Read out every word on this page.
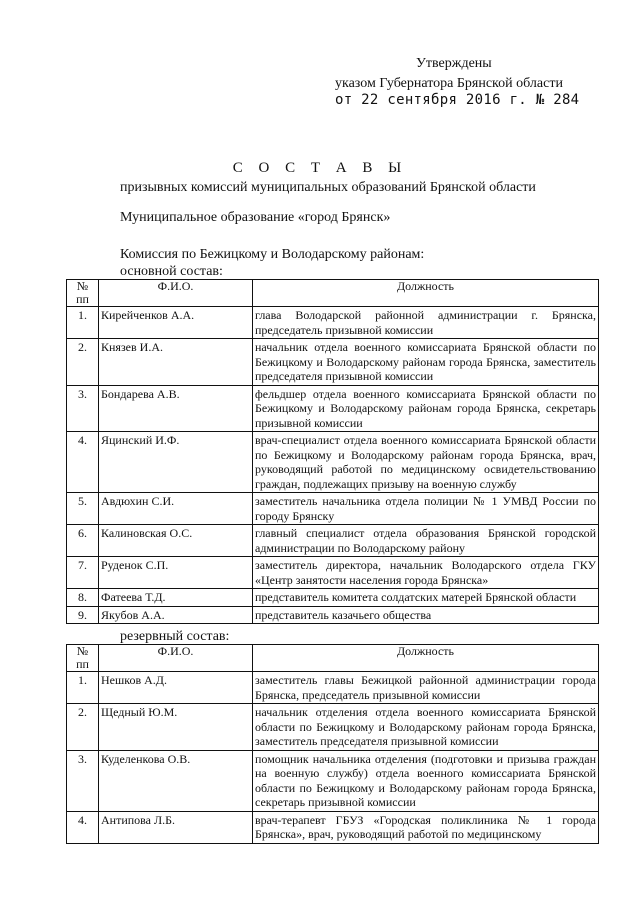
Утверждены
указом Губернатора Брянской области
от 22 сентября 2016 г. № 284
С О С Т А В Ы
призывных комиссий муниципальных образований Брянской области
Муниципальное образование «город Брянск»
Комиссия по Бежицкому и Володарскому районам:
основной состав:
№ пп	Ф.И.О.	Должность
1.	Кирейченков А.А.	глава Володарской районной администрации г. Брянска, председатель призывной комиссии
2.	Князев И.А.	начальник отдела военного комиссариата Брянской области по Бежицкому и Володарскому районам города Брянска, заместитель председателя призывной комиссии
3.	Бондарева А.В.	фельдшер отдела военного комиссариата Брянской области по Бежицкому и Володарскому районам города Брянска, секретарь призывной комиссии
4.	Яцинский И.Ф.	врач-специалист отдела военного комиссариата Брянской области по Бежицкому и Володарскому районам города Брянска, врач, руководящий работой по медицинскому освидетельствованию граждан, подлежащих призыву на военную службу
5.	Авдюхин С.И.	заместитель начальника отдела полиции № 1 УМВД России по городу Брянску
6.	Калиновская О.С.	главный специалист отдела образования Брянской городской администрации по Володарскому району
7.	Руденок С.П.	заместитель директора, начальник Володарского отдела ГКУ «Центр занятости населения города Брянска»
8.	Фатеева Т.Д.	представитель комитета солдатских матерей Брянской области
9.	Якубов А.А.	представитель казачьего общества
резервный состав:
№ пп	Ф.И.О.	Должность
1.	Нешков А.Д.	заместитель главы Бежицкой районной администрации города Брянска, председатель призывной комиссии
2.	Щедный Ю.М.	начальник отделения отдела военного комиссариата Брянской области по Бежицкому и Володарскому районам города Брянска, заместитель председателя призывной комиссии
3.	Куделенкова О.В.	помощник начальника отделения (подготовки и призыва граждан на военную службу) отдела военного комиссариата Брянской области по Бежицкому и Володарскому районам города Брянска, секретарь призывной комиссии
4.	Антипова Л.Б.	врач-терапевт ГБУЗ «Городская поликлиника № 1 города Брянска», врач, руководящий работой по медицинскому
